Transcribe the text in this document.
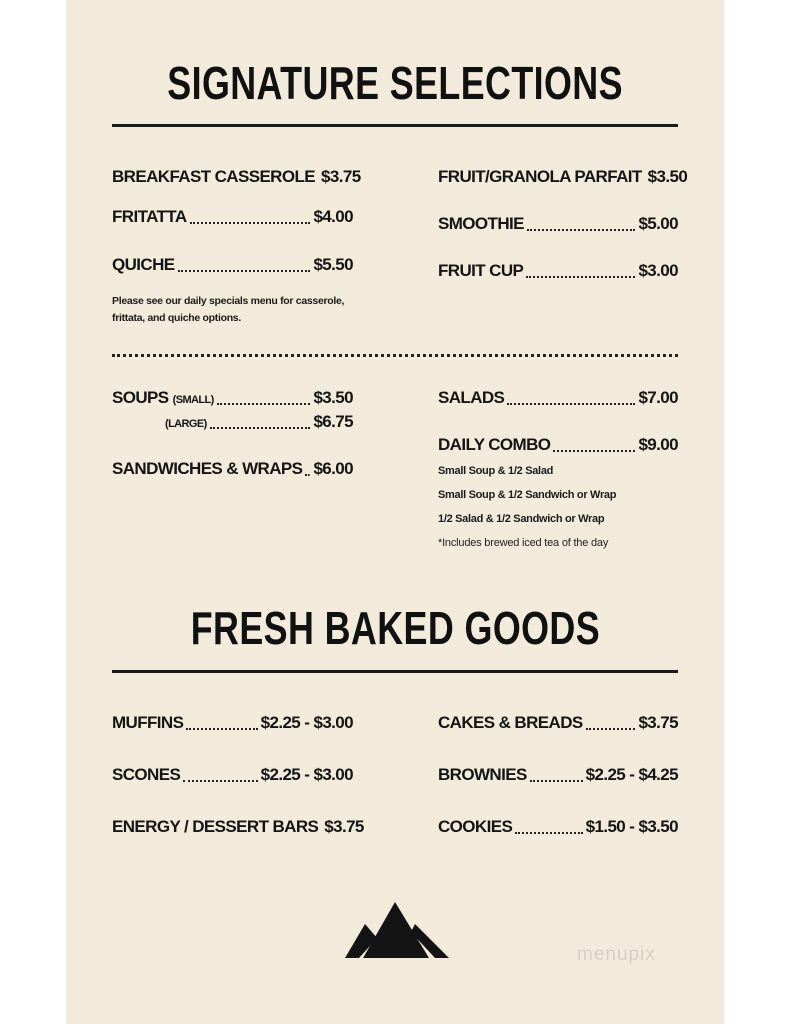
SIGNATURE SELECTIONS
BREAKFAST CASSEROLE $3.75
FRITATTA	$4.00
QUICHE	$5.50
Please see our daily specials menu for casserole, frittata, and quiche options.
FRUIT/GRANOLA PARFAIT $3.50
SMOOTHIE	$5.00
FRUIT CUP	$3.00
SOUPS (SMALL)	$3.50
(LARGE)	$6.75
SANDWICHES & WRAPS $6.00
SALADS	$7.00
DAILY COMBO	$9.00
Small Soup & 1/2 Salad
Small Soup & 1/2 Sandwich or Wrap
1/2 Salad & 1/2 Sandwich or Wrap
*Includes brewed iced tea of the day
FRESH BAKED GOODS
MUFFINS	$2.25 - $3.00
SCONES	$2.25 - $3.00
ENERGY / DESSERT BARS $3.75
CAKES & BREADS	$3.75
BROWNIES	$2.25 - $4.25
COOKIES	$1.50 - $3.50
menupix
